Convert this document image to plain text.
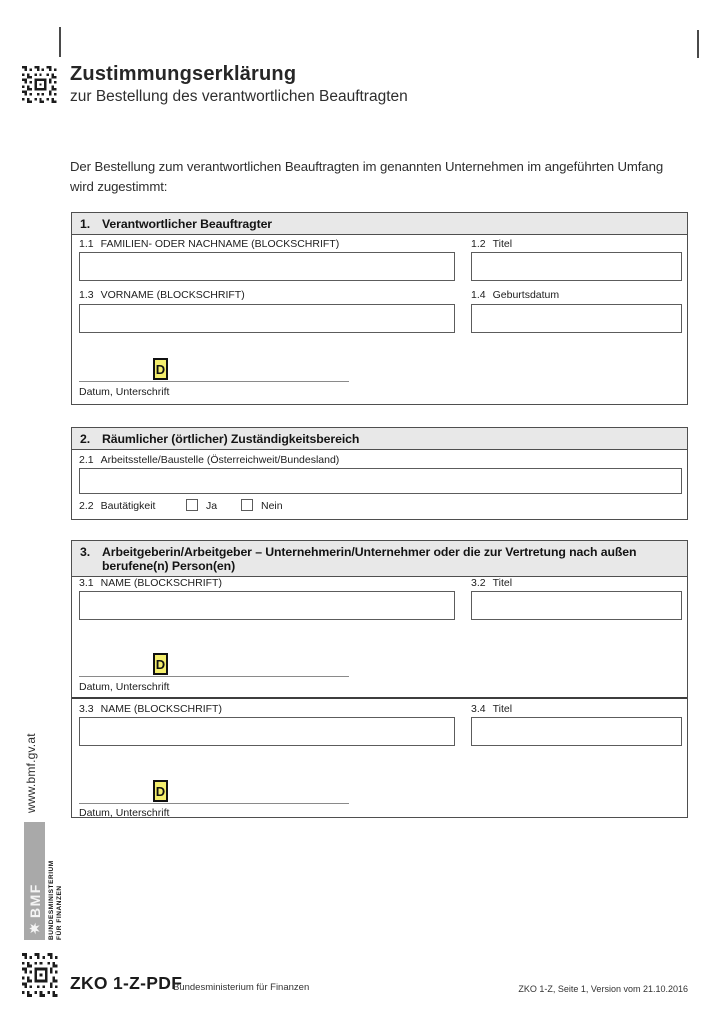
Zustimmungserklärung
zur Bestellung des verantwortlichen Beauftragten
Der Bestellung zum verantwortlichen Beauftragten im genannten Unternehmen im angeführten Umfang wird zugestimmt:
1. Verantwortlicher Beauftragter
1.1 FAMILIEN- ODER NACHNAME (BLOCKSCHRIFT)	1.2 Titel
1.3 VORNAME (BLOCKSCHRIFT)	1.4 Geburtsdatum
D
Datum, Unterschrift
2. Räumlicher (örtlicher) Zuständigkeitsbereich
2.1 Arbeitsstelle/Baustelle (Österreichweit/Bundesland)
2.2 Bautätigkeit	Ja	Nein
3. Arbeitgeberin/Arbeitgeber – Unternehmerin/Unternehmer oder die zur Vertretung nach außen berufene(n) Person(en)
3.1 NAME (BLOCKSCHRIFT)	3.2 Titel
D
Datum, Unterschrift
3.3 NAME (BLOCKSCHRIFT)	3.4 Titel
D
Datum, Unterschrift
www.bmf.gv.at
BMF BUNDESMINISTERIUM FÜR FINANZEN
ZKO 1-Z-PDF
Bundesministerium für Finanzen	ZKO 1-Z, Seite 1, Version vom 21.10.2016
